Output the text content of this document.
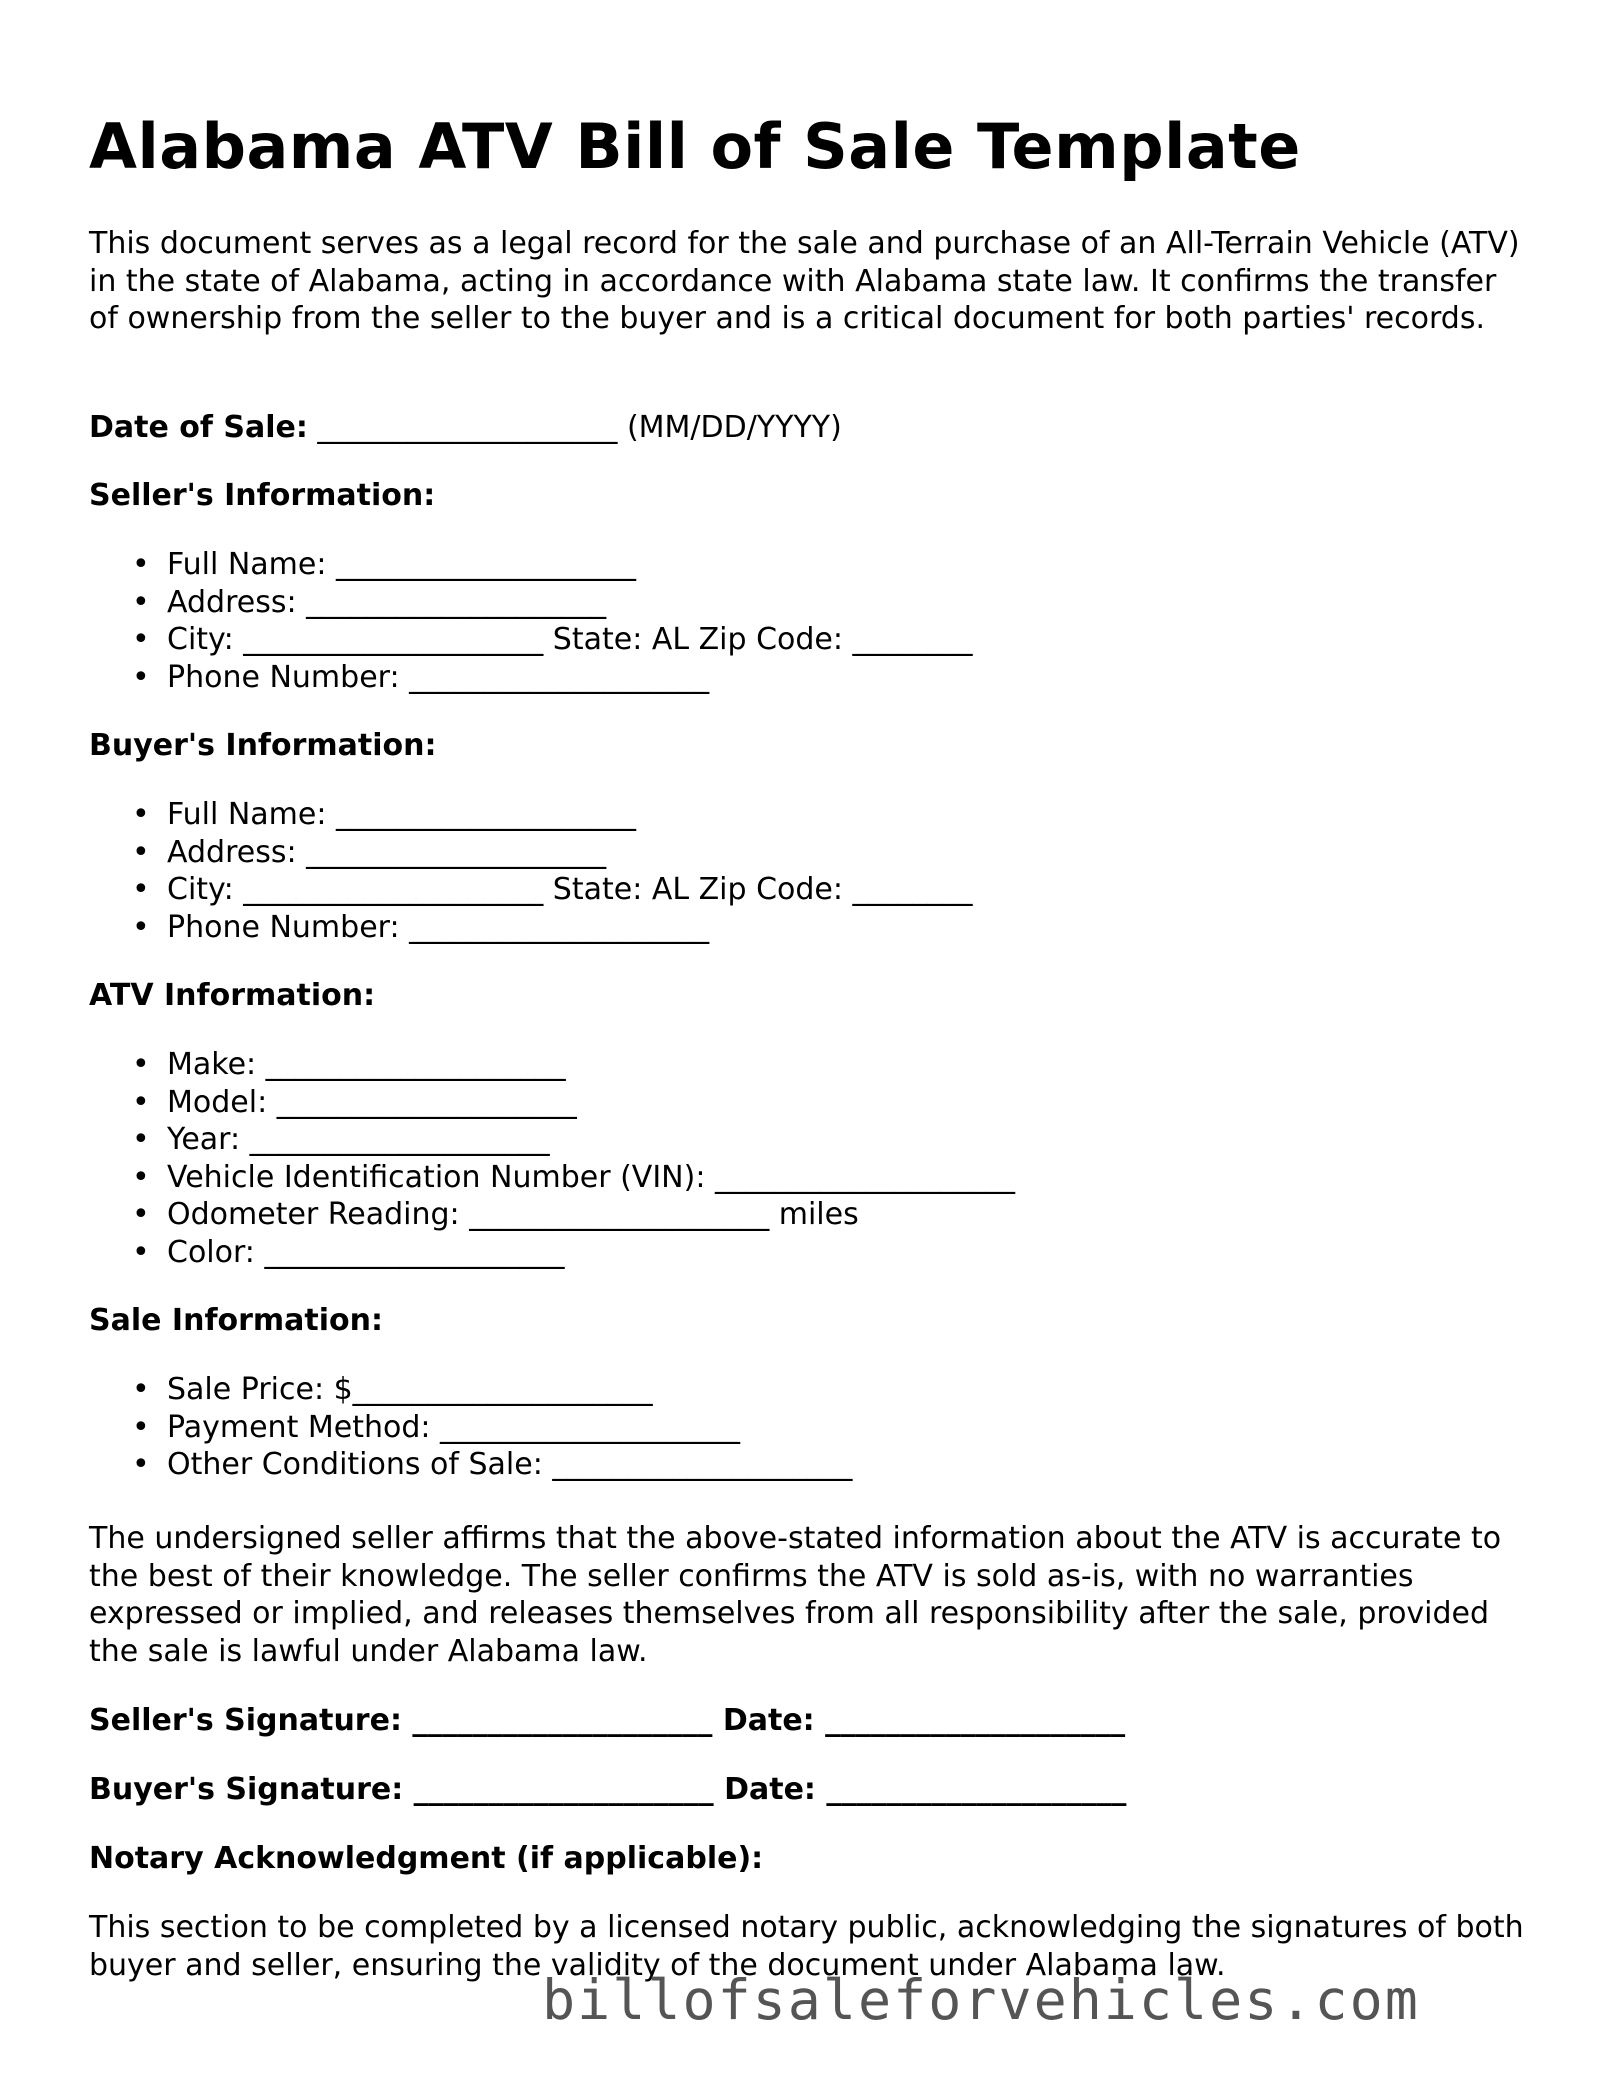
Alabama ATV Bill of Sale Template

This document serves as a legal record for the sale and purchase of an All-Terrain Vehicle (ATV) in the state of Alabama, acting in accordance with Alabama state law. It confirms the transfer of ownership from the seller to the buyer and is a critical document for both parties' records.

Date of Sale: ____________________ (MM/DD/YYYY)

Seller's Information:

• Full Name: ____________________
• Address: ____________________
• City: ____________________ State: AL Zip Code: ________
• Phone Number: ____________________

Buyer's Information:

• Full Name: ____________________
• Address: ____________________
• City: ____________________ State: AL Zip Code: ________
• Phone Number: ____________________

ATV Information:

• Make: ____________________
• Model: ____________________
• Year: ____________________
• Vehicle Identification Number (VIN): ____________________
• Odometer Reading: ____________________ miles
• Color: ____________________

Sale Information:

• Sale Price: $____________________
• Payment Method: ____________________
• Other Conditions of Sale: ____________________

The undersigned seller affirms that the above-stated information about the ATV is accurate to the best of their knowledge. The seller confirms the ATV is sold as-is, with no warranties expressed or implied, and releases themselves from all responsibility after the sale, provided the sale is lawful under Alabama law.

Seller's Signature: ____________________ Date: ____________________

Buyer's Signature: ____________________ Date: ____________________

Notary Acknowledgment (if applicable):

This section to be completed by a licensed notary public, acknowledging the signatures of both buyer and seller, ensuring the validity of the document under Alabama law.

billofsaleforvehicles.com
